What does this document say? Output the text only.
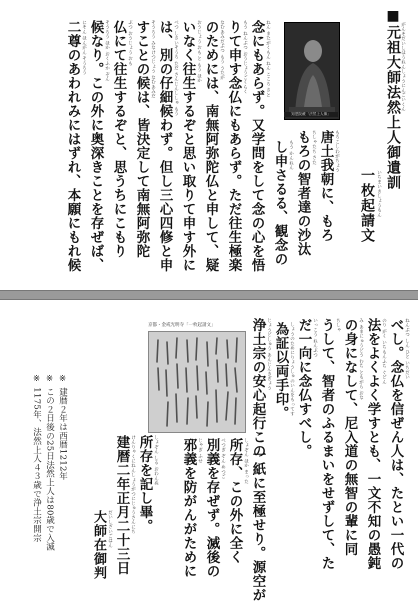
■元祖大師法然上人御遺訓 がんそだいしほうねんしょうにんごいくん
一枚起請文 いちまいきしょうもん
知恩院蔵「法然上人像」
唐土我朝に、もろ もろこしわがちょう
もろの智者達の沙汰 ちしゃたち さた
し申さるる、観念の もう かんねん
念にもあらず。又学問をして念の心を悟 ねん またがくもん ねん こころ さと
りて申す念仏にもあらず。ただ往生極楽 もう ねんぶつ おうじょうごくらく
のためには、南無阿弥陀仏と申して、疑 なむあみだぶつ もう うたが
いなく往生するぞと思い取りて申す外に おうじょう おも と もう ほか
は、別の仔細候わず。但し三心四修と申 べつ しさいそうろ ただ さんじんししゅ もう
すことの候は、皆決定して南無阿弥陀 そうろう みなけつじょう なむあみだ
仏にて往生するぞと、思うちにこもり ぶつ おうじょう おも
候なり。この外に奥深きことを存ぜば、 そうろう ほか おくふか ぞん
二尊のあわれみにはずれ、本願にもれ候 にそん ほんがん そうろう
べし。念仏を信ぜん人は、たとい一代の ねんぶつ しん ひと いちだい
法をよくよく学すとも、一文不知の愚鈍 のり がく いちもんふち ぐどん
の身になして、尼入道の無智の輩に同 み あまにゅうどう むち ともがら おな
うして、智者のふるまいをせずして、た ちしゃ
だ一向に念仏すべし。 いっこう ねんぶつ
為証以両手印。 しょうのためにりょうしゅのいんをもってす
浄土宗の安心起行この じょうどしゅう あんじんきぎょう
一紙に至極せり。源空が
所存、この外に全く しょぞん ほか まった
別義を存ぜず。滅後の べつぎ ぞん めつご
邪義を防がんがために じゃぎ ふせ
京都・金戒光明寺「一枚起請文」
所存を記し畢。 しょぞん しる おわんぬ
建暦二年正月二十三日 けんりゃくにねんしょうがつにじゅうさんにち
大師在御判 だいしざいごはん
※ 建暦２年は西暦1212年
※ この２日後の25日法然上人は80歳で入滅
※ 1175年、法然上人４３歳で浄土宗開宗
